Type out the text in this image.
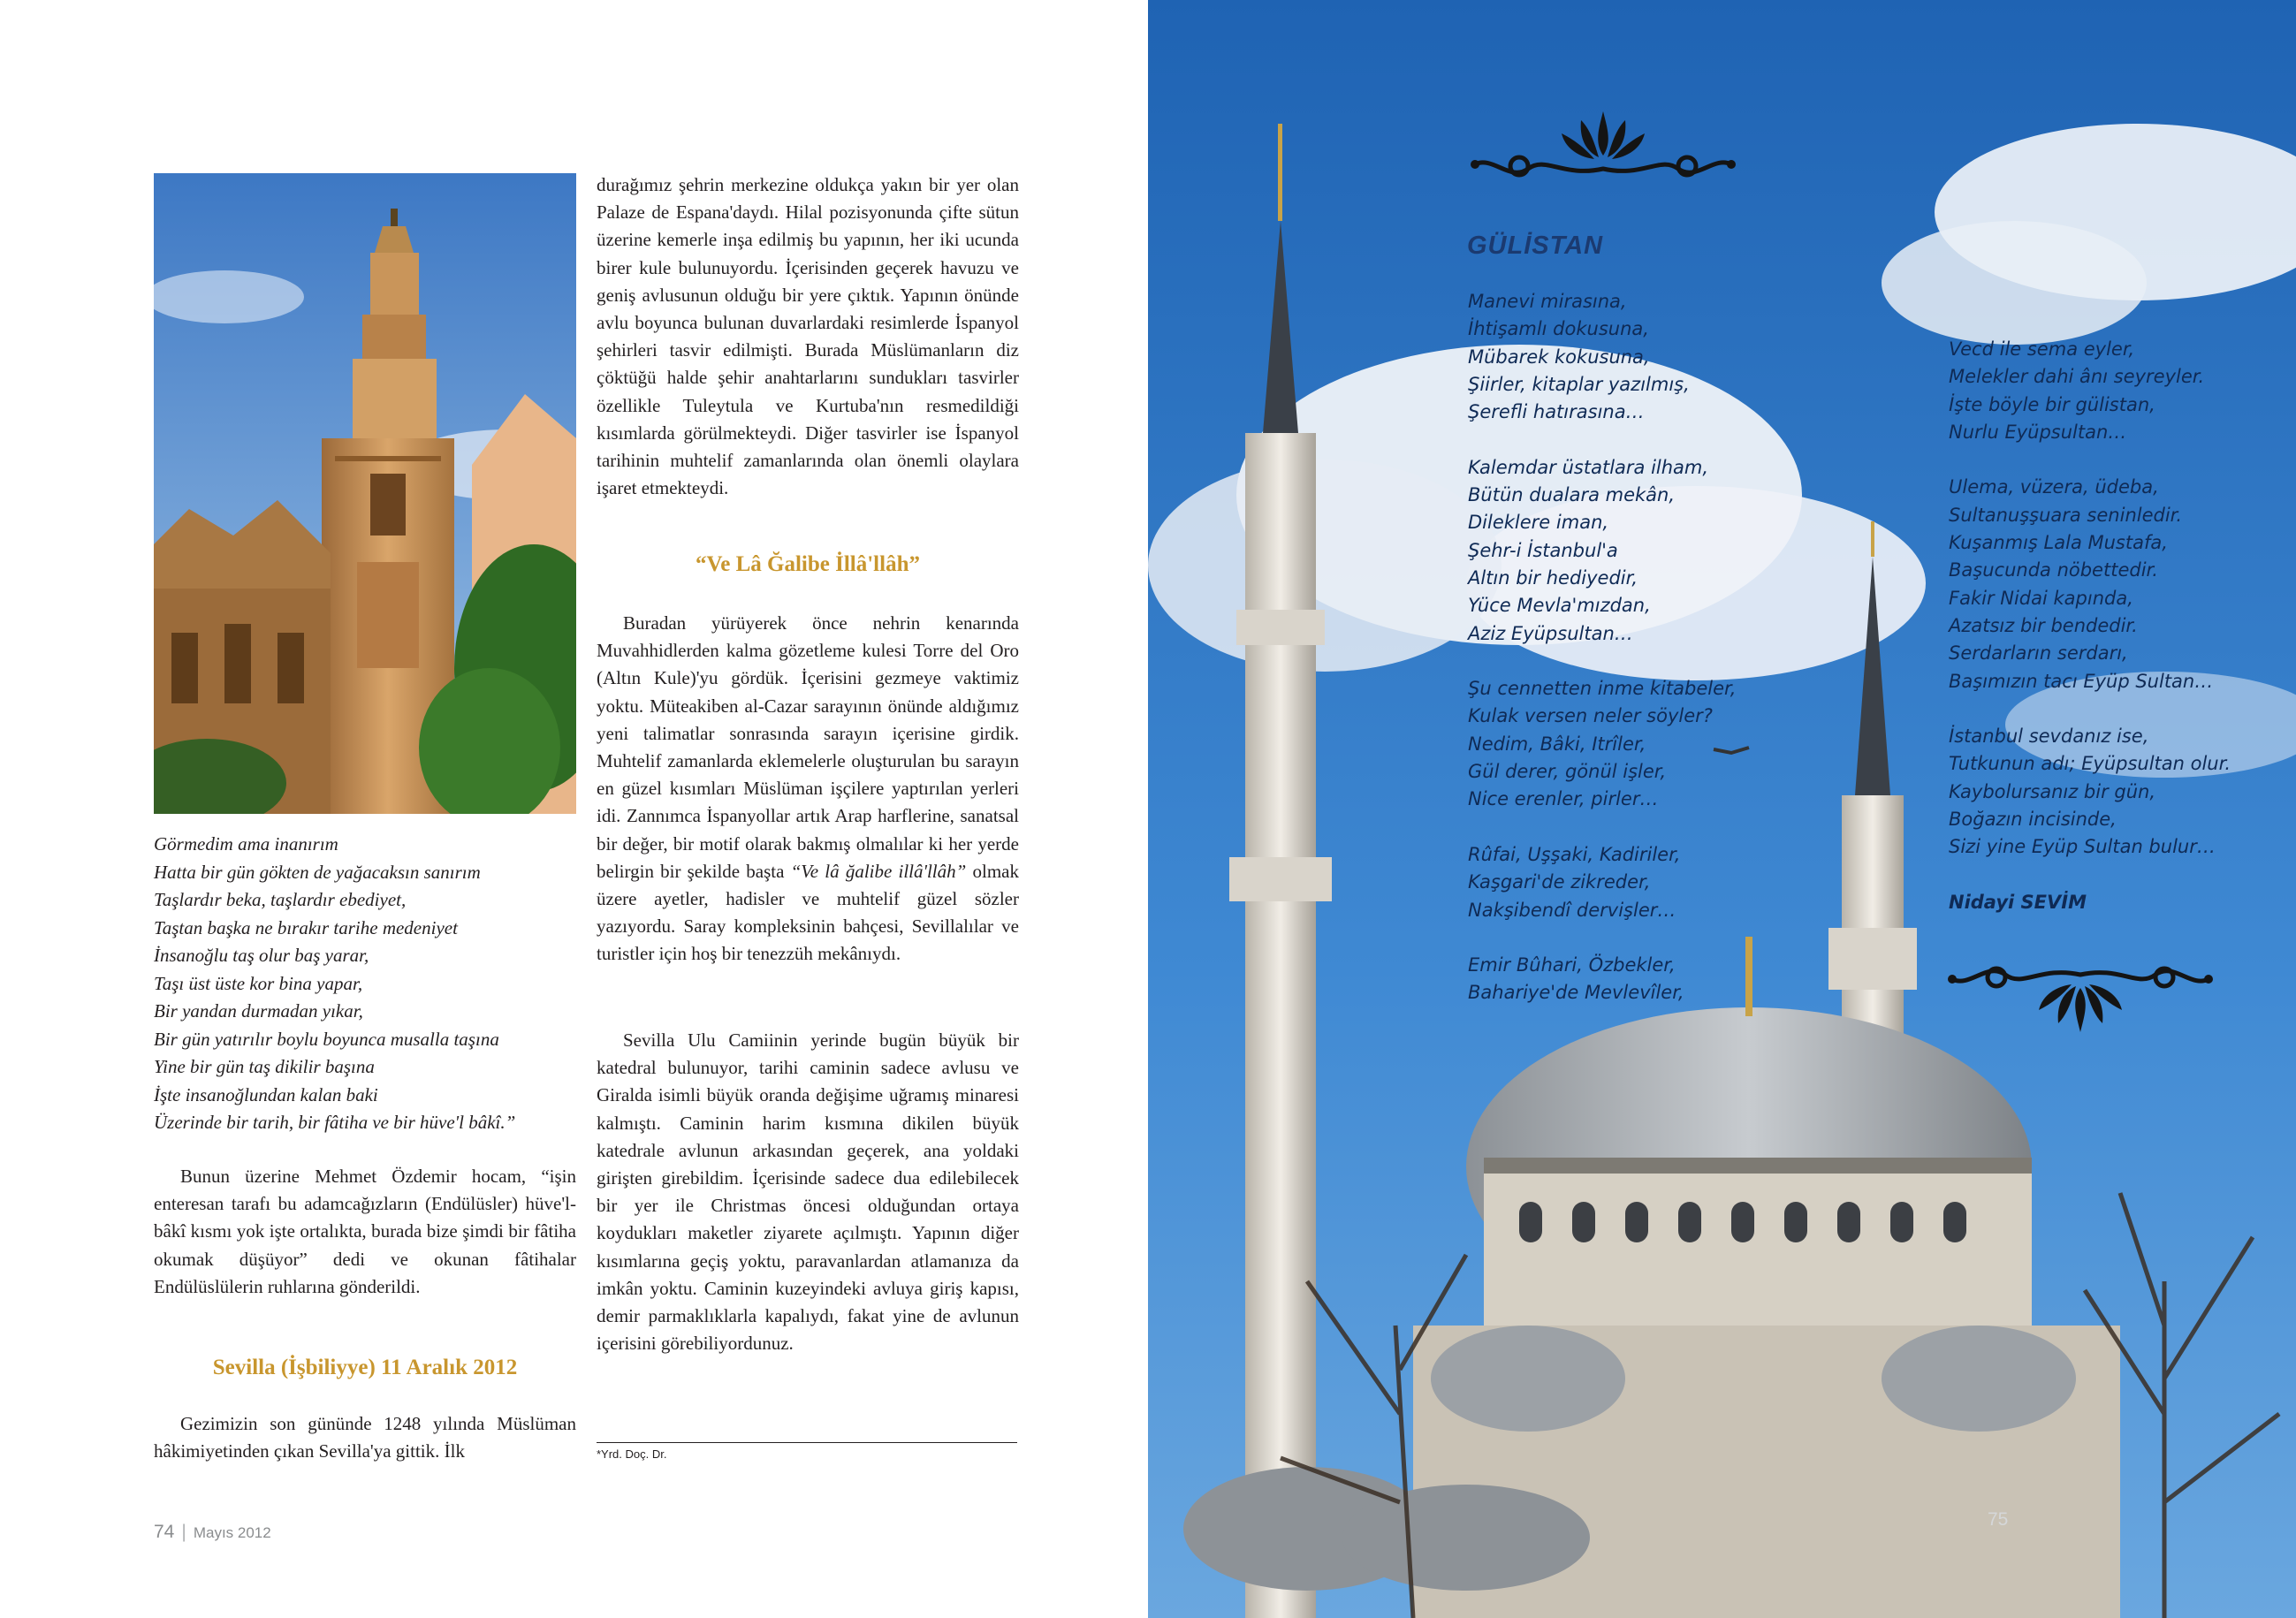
Görmedim ama inanırım
Hatta bir gün gökten de yağacaksın sanırım
Taşlardır beka, taşlardır ebediyet,
Taştan başka ne bırakır tarihe medeniyet
İnsanoğlu taş olur baş yarar,
Taşı üst üste kor bina yapar,
Bir yandan durmadan yıkar,
Bir gün yatırılır boylu boyunca musalla taşına
Yine bir gün taş dikilir başına
İşte insanoğlundan kalan baki
Üzerinde bir tarih, bir fâtiha ve bir hüve'l bâkî.”

Bunun üzerine Mehmet Özdemir hocam, “işin enteresan tarafı bu adamcağızların (Endülüsler) hüve'l-bâkî kısmı yok işte ortalıkta, burada bize şimdi bir fâtiha okumak düşüyor” dedi ve okunan fâtihalar Endülüslülerin ruhlarına gönderildi.

Sevilla (İşbiliyye) 11 Aralık 2012

Gezimizin son gününde 1248 yılında Müslüman hâkimiyetinden çıkan Sevilla'ya gittik. İlk

durağımız şehrin merkezine oldukça yakın bir yer olan Palaze de Espana'daydı. Hilal pozisyonunda çifte sütun üzerine kemerle inşa edilmiş bu yapının, her iki ucunda birer kule bulunuyordu. İçerisinden geçerek havuzu ve geniş avlusunun olduğu bir yere çıktık. Yapının önünde avlu boyunca bulunan duvarlardaki resimlerde İspanyol şehirleri tasvir edilmişti. Burada Müslümanların diz çöktüğü halde şehir anahtarlarını sundukları tasvirler özellikle Tuleytula ve Kurtuba'nın resmedildiği kısımlarda görülmekteydi. Diğer tasvirler ise İspanyol tarihinin muhtelif zamanlarında olan önemli olaylara işaret etmekteydi.

“Ve Lâ Ğalibe İllâ'llâh”

Buradan yürüyerek önce nehrin kenarında Muvahhidlerden kalma gözetleme kulesi Torre del Oro (Altın Kule)'yu gördük. İçerisini gezmeye vaktimiz yoktu. Müteakiben al-Cazar sarayının önünde aldığımız yeni talimatlar sonrasında sarayın içerisine girdik. Muhtelif zamanlarda eklemelerle oluşturulan bu sarayın en güzel kısımları Müslüman işçilere yaptırılan yerleri idi. Zannımca İspanyollar artık Arap harflerine, sanatsal bir değer, bir motif olarak bakmış olmalılar ki her yerde belirgin bir şekilde başta “Ve lâ ğalibe illâ'llâh” olmak üzere ayetler, hadisler ve muhtelif güzel sözler yazıyordu. Saray kompleksinin bahçesi, Sevillalılar ve turistler için hoş bir tenezzüh mekânıydı.

Sevilla Ulu Camiinin yerinde bugün büyük bir katedral bulunuyor, tarihi caminin sadece avlusu ve Giralda isimli büyük oranda değişime uğramış minaresi kalmıştı. Caminin harim kısmına dikilen büyük katedrale avlunun arkasından geçerek, ana yoldaki girişten girebildim. İçerisinde sadece dua edilebilecek bir yer ile Christmas öncesi olduğundan ortaya koydukları maketler ziyarete açılmıştı. Yapının diğer kısımlarına geçiş yoktu, paravanlardan atlamanıza da imkân yoktu. Caminin kuzeyindeki avluya giriş kapısı, demir parmaklıklarla kapalıydı, fakat yine de avlunun içerisini görebiliyordunuz.

*Yrd. Doç. Dr.
74 | Mayıs 2012
GÜLİSTAN
Manevi mirasına,
İhtişamlı dokusuna,
Mübarek kokusuna,
Şiirler, kitaplar yazılmış,
Şerefli hatırasına…
Kalemdar üstatlara ilham,
Bütün dualara mekân,
Dileklere iman,
Şehr-i İstanbul'a
Altın bir hediyedir,
Yüce Mevla'mızdan,
Aziz Eyüpsultan…
Şu cennetten inme kitabeler,
Kulak versen neler söyler?
Nedim, Bâki, Itrîler,
Gül derer, gönül işler,
Nice erenler, pirler…
Rûfai, Uşşaki, Kadiriler,
Kaşgari'de zikreder,
Nakşibendî dervişler…
Emir Bûhari, Özbekler,
Bahariye'de Mevlevîler,
Vecd ile sema eyler,
Melekler dahi ânı seyreyler.
İşte böyle bir gülistan,
Nurlu Eyüpsultan…
Ulema, vüzera, üdeba,
Sultanuşşuara seninledir.
Kuşanmış Lala Mustafa,
Başucunda nöbettedir.
Fakir Nidai kapında,
Azatsız bir bendedir.
Serdarların serdarı,
Başımızın tacı Eyüp Sultan…
İstanbul sevdanız ise,
Tutkunun adı; Eyüpsultan olur.
Kaybolursanız bir gün,
Boğazın incisinde,
Sizi yine Eyüp Sultan bulur…
Nidayi SEVİM
75
